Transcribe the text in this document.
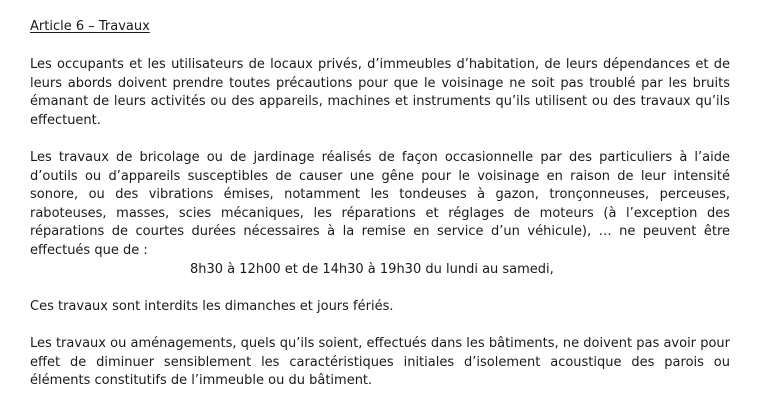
Article 6 – Travaux

Les occupants et les utilisateurs de locaux privés, d’immeubles d’habitation, de leurs dépendances et de leurs abords doivent prendre toutes précautions pour que le voisinage ne soit pas troublé par les bruits émanant de leurs activités ou des appareils, machines et instruments qu’ils utilisent ou des travaux qu’ils effectuent.

Les travaux de bricolage ou de jardinage réalisés de façon occasionnelle par des particuliers à l’aide d’outils ou d’appareils susceptibles de causer une gêne pour le voisinage en raison de leur intensité sonore, ou des vibrations émises, notamment les tondeuses à gazon, tronçonneuses, perceuses, raboteuses, masses, scies mécaniques, les réparations et réglages de moteurs (à l’exception des réparations de courtes durées nécessaires à la remise en service d’un véhicule), … ne peuvent être effectués que de :

8h30 à 12h00 et de 14h30 à 19h30 du lundi au samedi,
Ces travaux sont interdits les dimanches et jours fériés.

Les travaux ou aménagements, quels qu’ils soient, effectués dans les bâtiments, ne doivent pas avoir pour effet de diminuer sensiblement les caractéristiques initiales d’isolement acoustique des parois ou éléments constitutifs de l’immeuble ou du bâtiment.
